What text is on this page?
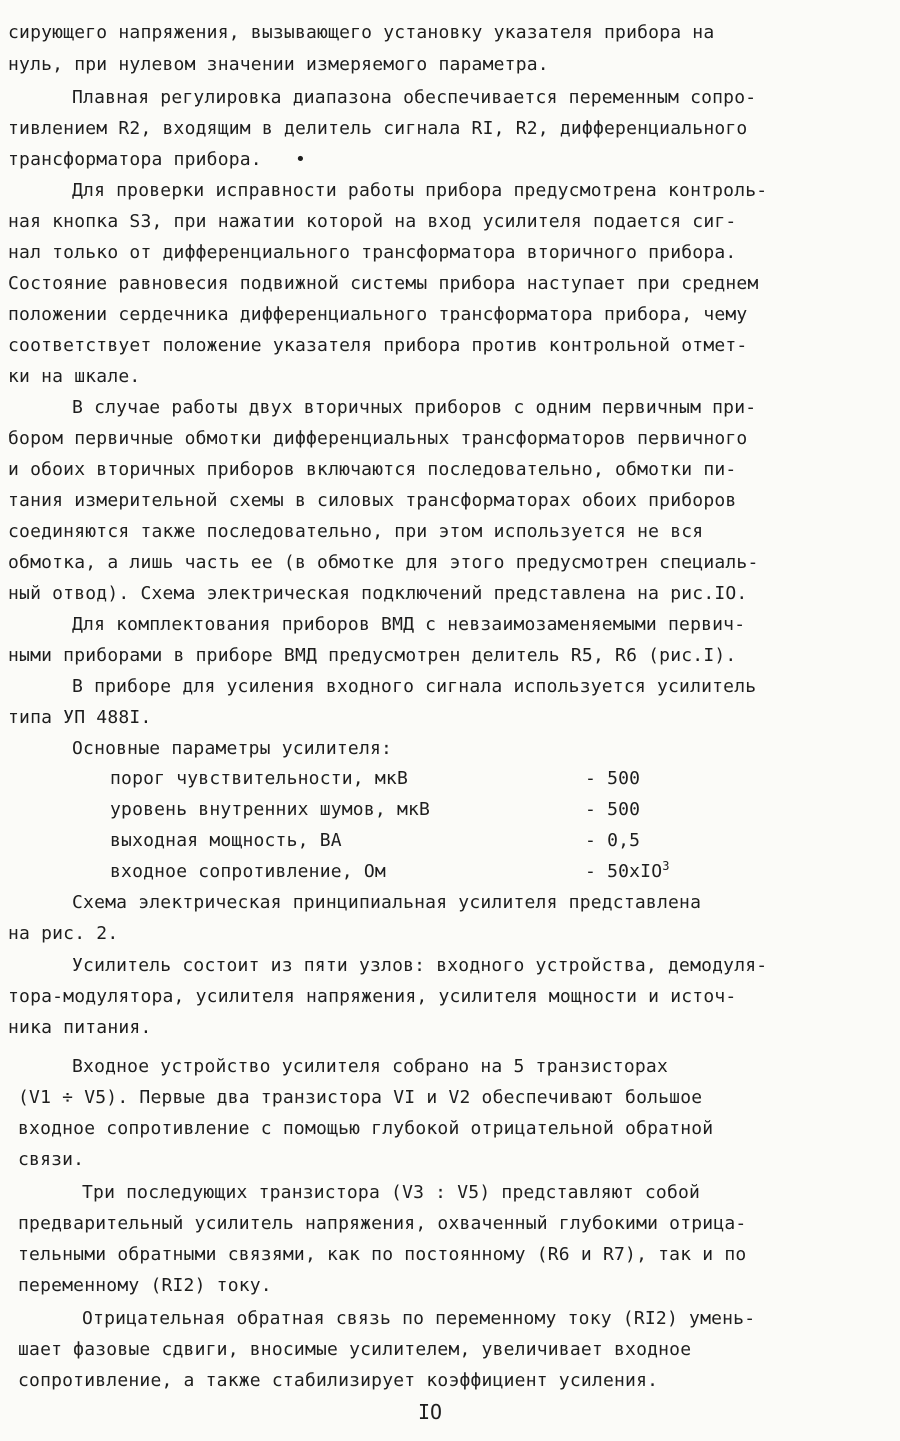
сирующего напряжения, вызывающего установку указателя прибора на
нуль, при нулевом значении измеряемого параметра.
Плавная регулировка диапазона обеспечивается переменным сопро-
тивлением R2, входящим в делитель сигнала RI, R2, дифференциального
трансформатора прибора.   •
Для проверки исправности работы прибора предусмотрена контроль-
ная кнопка S3, при нажатии которой на вход усилителя подается сиг-
нал только от дифференциального трансформатора вторичного прибора.
Состояние равновесия подвижной системы прибора наступает при среднем
положении сердечника дифференциального трансформатора прибора, чему
соответствует положение указателя прибора против контрольной отмет-
ки на шкале.
В случае работы двух вторичных приборов с одним первичным при-
бором первичные обмотки дифференциальных трансформаторов первичного
и обоих вторичных приборов включаются последовательно, обмотки пи-
тания измерительной схемы в силовых трансформаторах обоих приборов
соединяются также последовательно, при этом используется не вся
обмотка, а лишь часть ее (в обмотке для этого предусмотрен специаль-
ный отвод). Схема электрическая подключений представлена на рис.IO.
Для комплектования приборов ВМД с невзаимозаменяемыми первич-
ными приборами в приборе ВМД предусмотрен делитель R5, R6 (рис.I).
В приборе для усиления входного сигнала используется усилитель
типа УП 488I.
Основные параметры усилителя:
порог чувствительности, мкВ	- 500
уровень внутренних шумов, мкВ	- 500
выходная мощность, ВА	- 0,5
входное сопротивление, Ом	- 50xIO$^3$
Схема электрическая принципиальная усилителя представлена
на рис. 2.
Усилитель состоит из пяти узлов: входного устройства, демодуля-
тора-модулятора, усилителя напряжения, усилителя мощности и источ-
ника питания.
Входное устройство усилителя собрано на 5 транзисторах
(V1 ÷ V5). Первые два транзистора VI и V2 обеспечивают большое
входное сопротивление с помощью глубокой отрицательной обратной
связи.
Три последующих транзистора (V3 : V5) представляют собой
предварительный усилитель напряжения, охваченный глубокими отрица-
тельными обратными связями, как по постоянному (R6 и R7), так и по
переменному (RI2) току.
Отрицательная обратная связь по переменному току (RI2) умень-
шает фазовые сдвиги, вносимые усилителем, увеличивает входное
сопротивление, а также стабилизирует коэффициент усиления.
IO
